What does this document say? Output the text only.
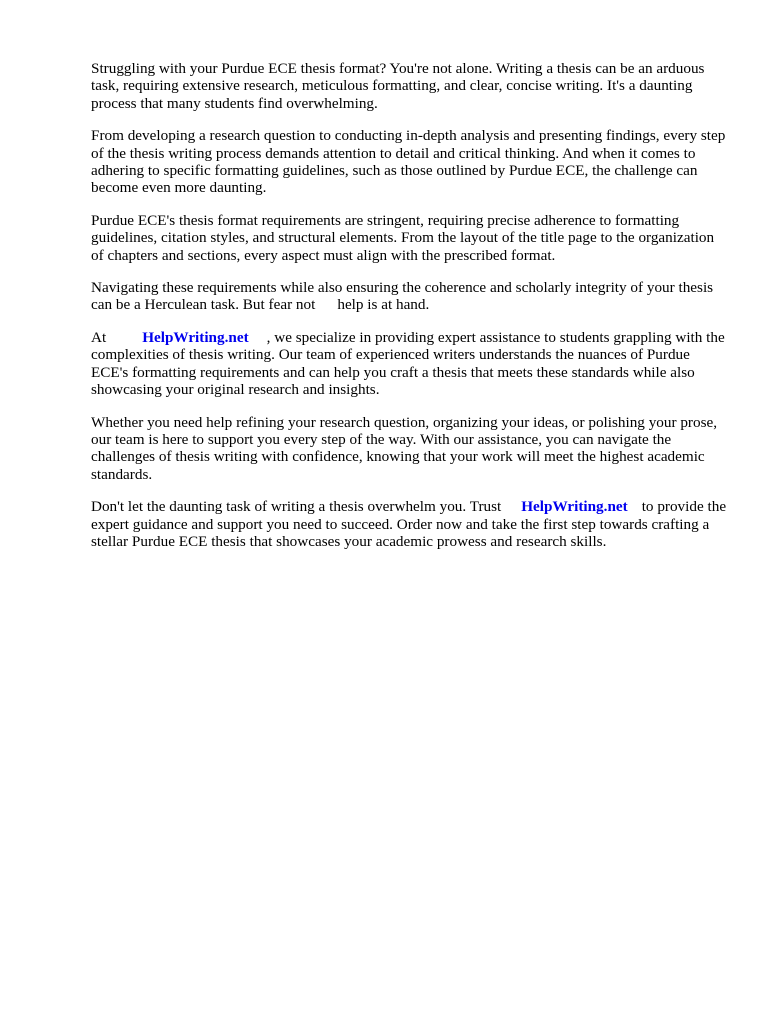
Struggling with your Purdue ECE thesis format? You're not alone. Writing a thesis can be an arduous task, requiring extensive research, meticulous formatting, and clear, concise writing. It's a daunting process that many students find overwhelming.

From developing a research question to conducting in-depth analysis and presenting findings, every step of the thesis writing process demands attention to detail and critical thinking. And when it comes to adhering to specific formatting guidelines, such as those outlined by Purdue ECE, the challenge can become even more daunting.

Purdue ECE's thesis format requirements are stringent, requiring precise adherence to formatting guidelines, citation styles, and structural elements. From the layout of the title page to the organization of chapters and sections, every aspect must align with the prescribed format.

Navigating these requirements while also ensuring the coherence and scholarly integrity of your thesis can be a Herculean task. But fear not help is at hand.

At HelpWriting.net , we specialize in providing expert assistance to students grappling with the complexities of thesis writing. Our team of experienced writers understands the nuances of Purdue ECE's formatting requirements and can help you craft a thesis that meets these standards while also showcasing your original research and insights.

Whether you need help refining your research question, organizing your ideas, or polishing your prose, our team is here to support you every step of the way. With our assistance, you can navigate the challenges of thesis writing with confidence, knowing that your work will meet the highest academic standards.

Don't let the daunting task of writing a thesis overwhelm you. Trust HelpWriting.net to provide the expert guidance and support you need to succeed. Order now and take the first step towards crafting a stellar Purdue ECE thesis that showcases your academic prowess and research skills.
